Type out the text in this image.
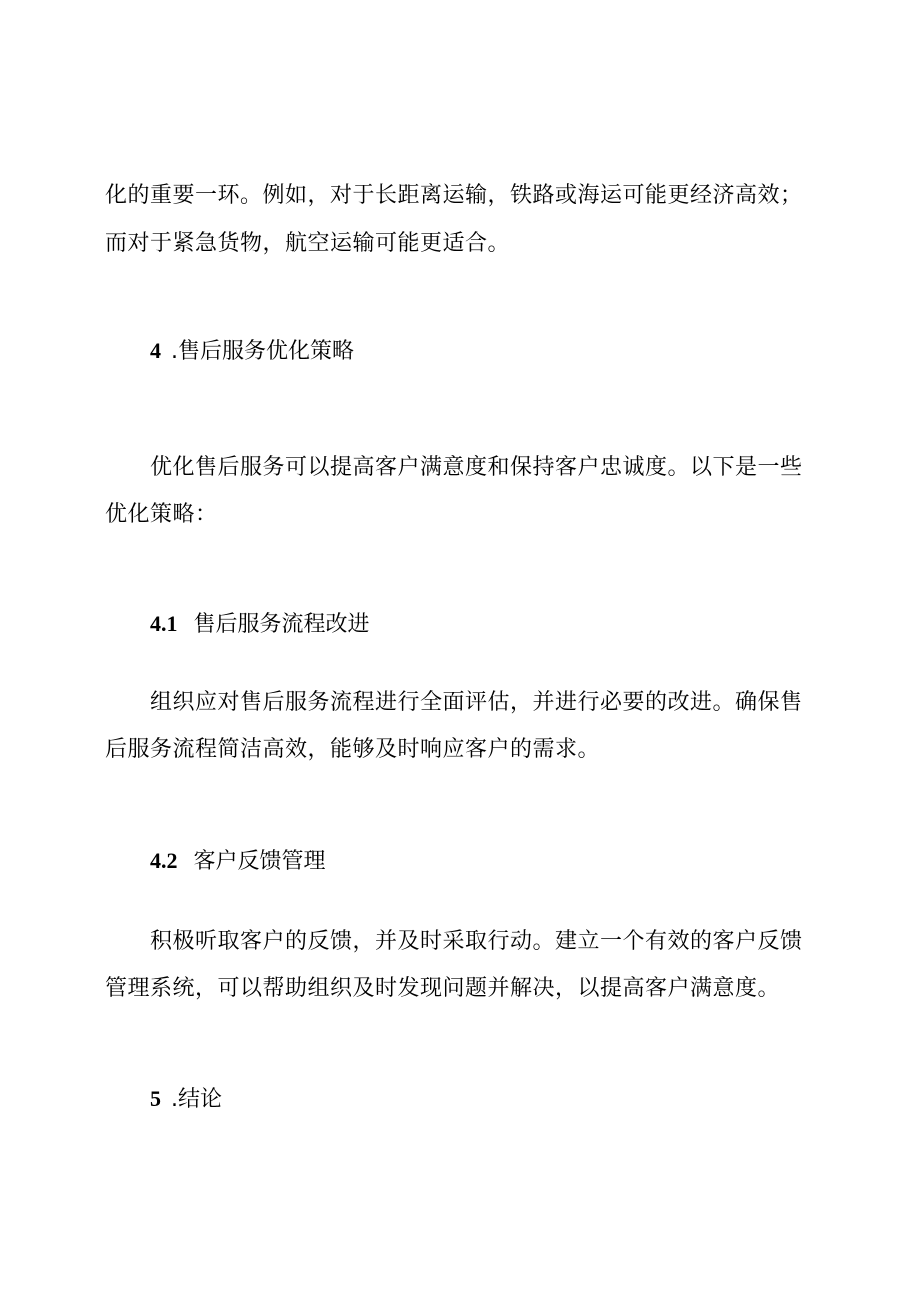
化的重要一环。例如，对于长距离运输，铁路或海运可能更经济高效；
而对于紧急货物，航空运输可能更适合。
4 .售后服务优化策略
优化售后服务可以提高客户满意度和保持客户忠诚度。以下是一些
优化策略：
4.1 售后服务流程改进
组织应对售后服务流程进行全面评估，并进行必要的改进。确保售
后服务流程简洁高效，能够及时响应客户的需求。
4.2 客户反馈管理
积极听取客户的反馈，并及时采取行动。建立一个有效的客户反馈
管理系统，可以帮助组织及时发现问题并解决，以提高客户满意度。
5 .结论
